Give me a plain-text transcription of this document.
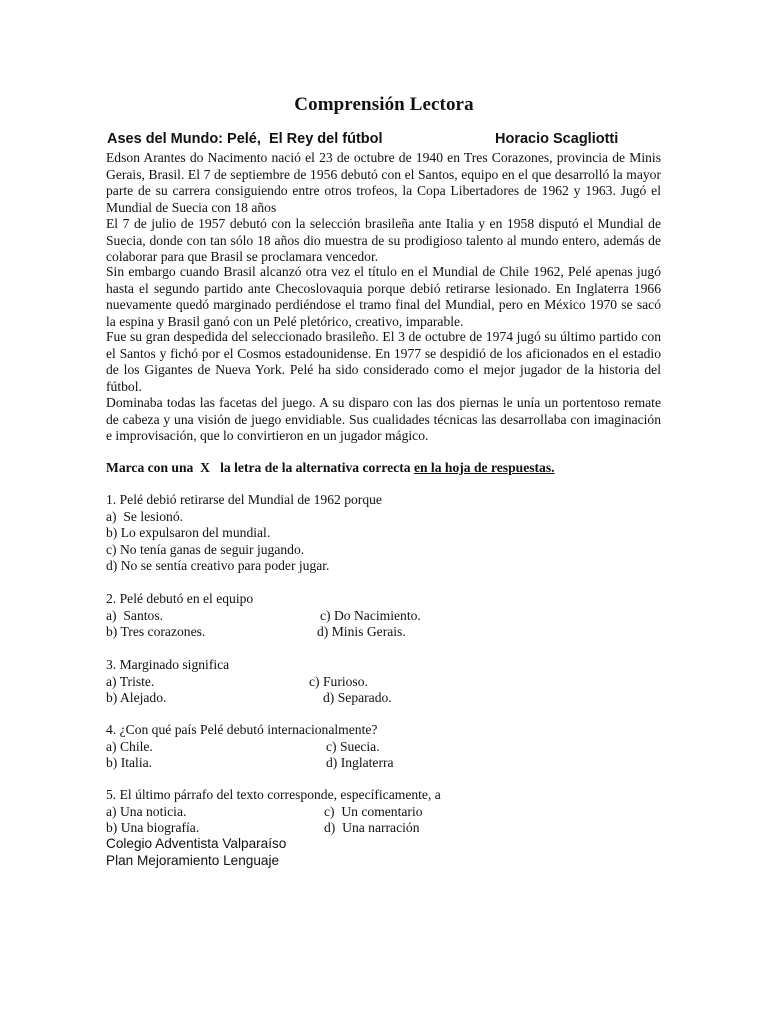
Comprensión Lectora
Ases del Mundo: Pelé,  El Rey del fútbol	Horacio Scagliotti

Edson Arantes do Nacimento nació el 23 de octubre de 1940 en Tres Corazones, provincia de Minis Gerais, Brasil. El 7 de septiembre de 1956 debutó con el Santos, equipo en el que desarrolló la mayor parte de su carrera consiguiendo entre otros trofeos, la Copa Libertadores de 1962 y 1963. Jugó el Mundial de Suecia con 18 años

El 7 de julio de 1957 debutó con la selección brasileña ante Italia y en 1958 disputó el Mundial de Suecia, donde con tan sólo 18 años dio muestra de su prodigioso talento al mundo entero, además de colaborar para que Brasil se proclamara vencedor.

Sin embargo cuando Brasil alcanzó otra vez el título en el Mundial de Chile 1962, Pelé apenas jugó hasta el segundo partido ante Checoslovaquia porque debió retirarse lesionado. En Inglaterra 1966 nuevamente quedó marginado perdiéndose el tramo final del Mundial, pero en México 1970 se sacó la espina y Brasil ganó con un Pelé pletórico, creativo, imparable.

Fue su gran despedida del seleccionado brasileño. El 3 de octubre de 1974 jugó su último partido con el Santos y fichó por el Cosmos estadounidense. En 1977 se despidió de los aficionados en el estadio de los Gigantes de Nueva York. Pelé ha sido considerado como el mejor jugador de la historia del fútbol.

Dominaba todas las facetas del juego. A su disparo con las dos piernas le unía un portentoso remate de cabeza y una visión de juego envidiable. Sus cualidades técnicas las desarrollaba con imaginación e improvisación, que lo convirtieron en un jugador mágico.

Marca con una  X   la letra de la alternativa correcta en la hoja de respuestas.
1. Pelé debió retirarse del Mundial de 1962 porque
a)  Se lesionó.
b) Lo expulsaron del mundial.
c) No tenía ganas de seguir jugando.
d) No se sentía creativo para poder jugar.
2. Pelé debutó en el equipo
a)  Santos.	c) Do Nacimiento.
b) Tres corazones.	d) Minis Gerais.
3. Marginado significa
a) Triste.	c) Furioso.
b) Alejado.	d) Separado.
4. ¿Con qué país Pelé debutó internacionalmente?
a) Chile.	c) Suecia.
b) Italia.	d) Inglaterra
5. El último párrafo del texto corresponde, específicamente, a
a) Una noticia.	c)  Un comentario
b) Una biografía.	d)  Una narración
Colegio Adventista Valparaíso
Plan Mejoramiento Lenguaje
